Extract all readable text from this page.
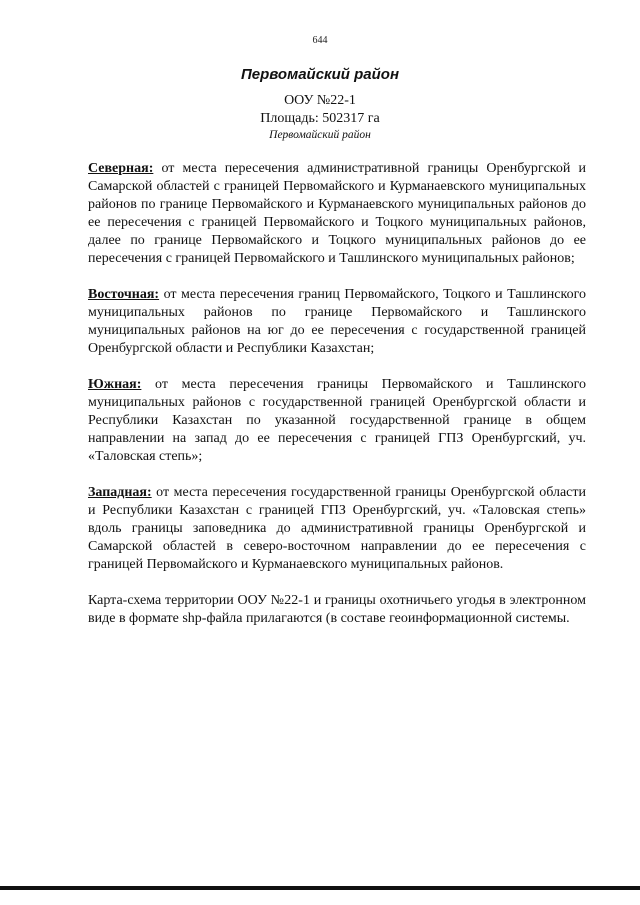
644
Первомайский район
ООУ №22-1
Площадь: 502317 га
Первомайский район

Северная: от места пересечения административной границы Оренбургской и Самарской областей с границей Первомайского и Курманаевского муниципальных районов по границе Первомайского и Курманаевского муниципальных районов до ее пересечения с границей Первомайского и Тоцкого муниципальных районов, далее по границе Первомайского и Тоцкого муниципальных районов до ее пересечения с границей Первомайского и Ташлинского муниципальных районов;

Восточная: от места пересечения границ Первомайского, Тоцкого и Ташлинского муниципальных районов по границе Первомайского и Ташлинского муниципальных районов на юг до ее пересечения с государственной границей Оренбургской области и Республики Казахстан;

Южная: от места пересечения границы Первомайского и Ташлинского муниципальных районов с государственной границей Оренбургской области и Республики Казахстан по указанной государственной границе в общем направлении на запад до ее пересечения с границей ГПЗ Оренбургский, уч. «Таловская степь»;

Западная: от места пересечения государственной границы Оренбургской области и Республики Казахстан с границей ГПЗ Оренбургский, уч. «Таловская степь» вдоль границы заповедника до административной границы Оренбургской и Самарской областей в северо-восточном направлении до ее пересечения с границей Первомайского и Курманаевского муниципальных районов.

Карта-схема территории ООУ №22-1 и границы охотничьего угодья в электронном виде в формате shp-файла прилагаются (в составе геоинформационной системы.
